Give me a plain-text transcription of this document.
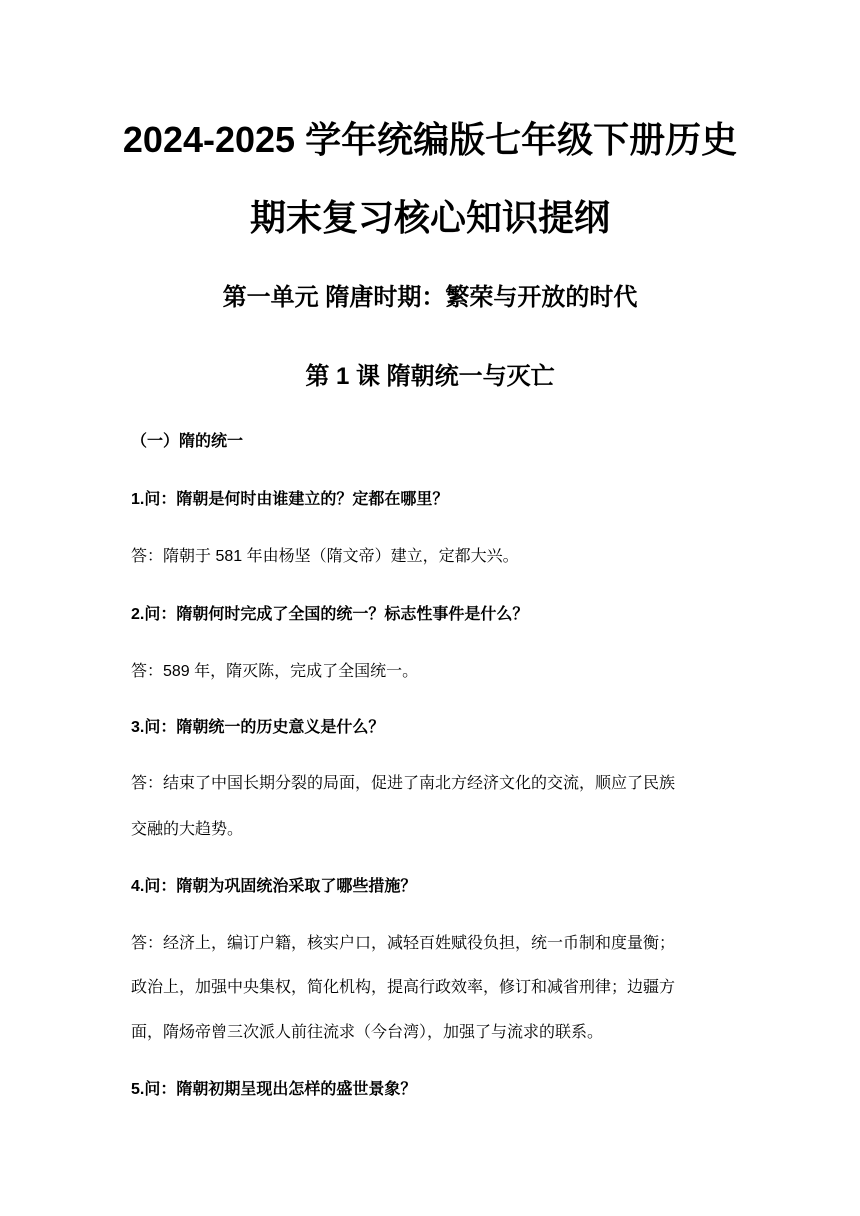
2024-2025 学年统编版七年级下册历史
期末复习核心知识提纲
第一单元 隋唐时期：繁荣与开放的时代
第 1 课 隋朝统一与灭亡
（一）隋的统一
1.问：隋朝是何时由谁建立的？定都在哪里？
答：隋朝于 581 年由杨坚（隋文帝）建立，定都大兴。
2.问：隋朝何时完成了全国的统一？标志性事件是什么？
答：589 年，隋灭陈，完成了全国统一。
3.问：隋朝统一的历史意义是什么？
答：结束了中国长期分裂的局面，促进了南北方经济文化的交流，顺应了民族
交融的大趋势。
4.问：隋朝为巩固统治采取了哪些措施？
答：经济上，编订户籍，核实户口，减轻百姓赋役负担，统一币制和度量衡；
政治上，加强中央集权，简化机构，提高行政效率，修订和减省刑律；边疆方
面，隋炀帝曾三次派人前往流求（今台湾），加强了与流求的联系。
5.问：隋朝初期呈现出怎样的盛世景象？
